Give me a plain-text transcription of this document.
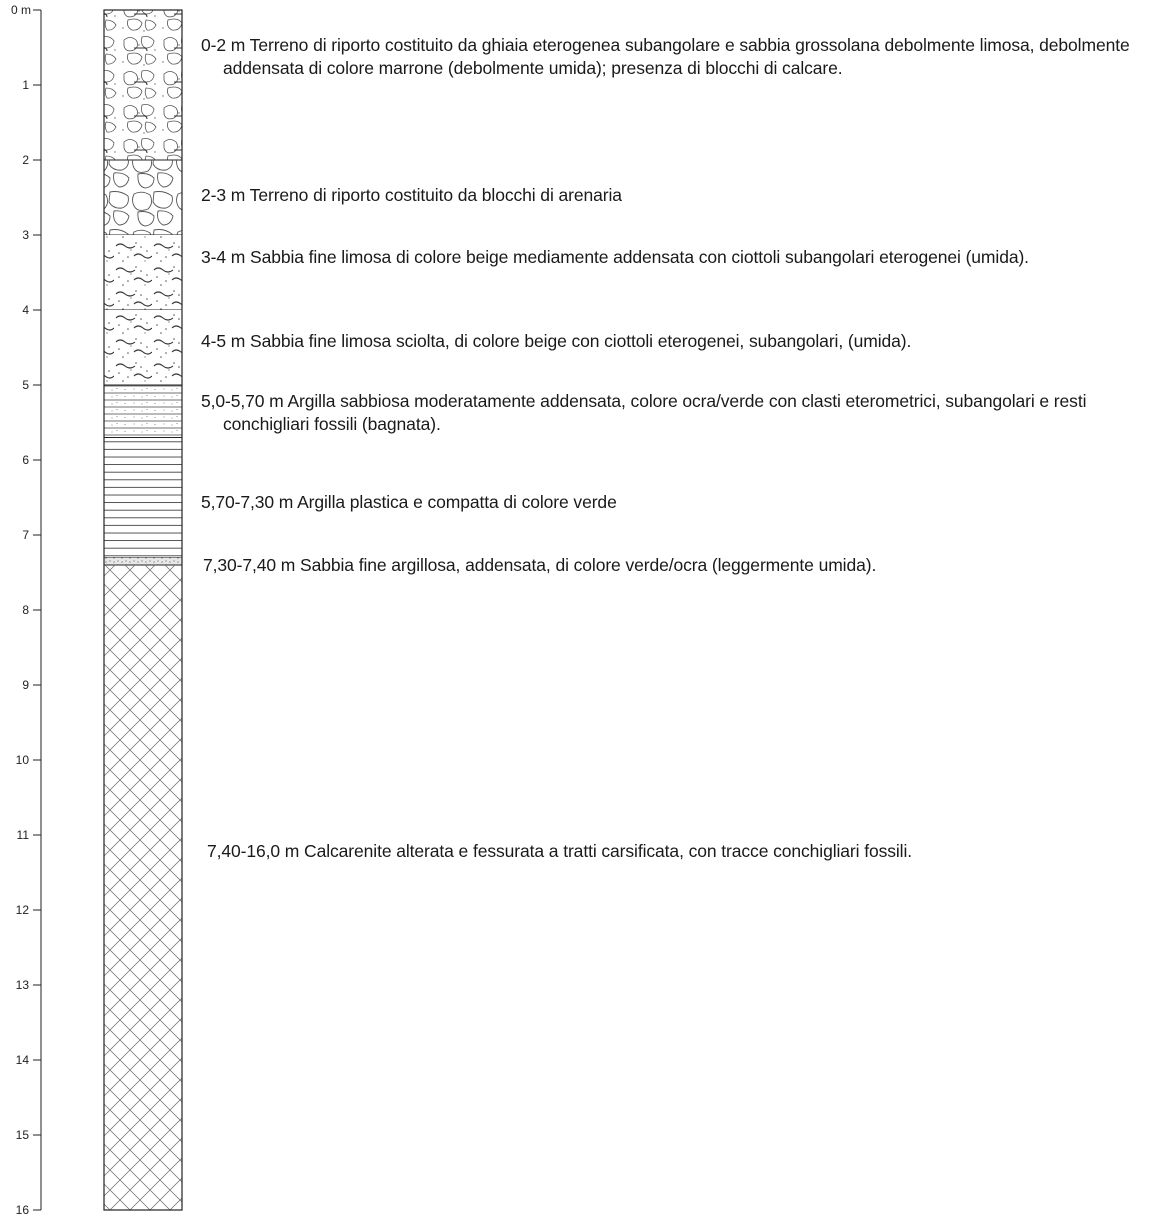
0 m
1
2
3
4
5
6
7
8
9
10
11
12
13
14
15
16
0-2 m Terreno di riporto costituito da ghiaia eterogenea subangolare e sabbia grossolana debolmente limosa, debolmente addensata di colore marrone (debolmente umida); presenza di blocchi di calcare.
2-3 m Terreno di riporto costituito da blocchi di arenaria
3-4 m Sabbia fine limosa di colore beige mediamente addensata con ciottoli subangolari eterogenei (umida).
4-5 m Sabbia fine limosa sciolta, di colore beige con ciottoli eterogenei, subangolari, (umida).
5,0-5,70 m Argilla sabbiosa moderatamente addensata, colore ocra/verde con clasti eterometrici, subangolari e resti conchigliari fossili (bagnata).
5,70-7,30 m Argilla plastica e compatta di colore verde
7,30-7,40 m Sabbia fine argillosa, addensata, di colore verde/ocra (leggermente umida).
7,40-16,0 m Calcarenite alterata e fessurata a tratti carsificata, con tracce conchigliari fossili.
